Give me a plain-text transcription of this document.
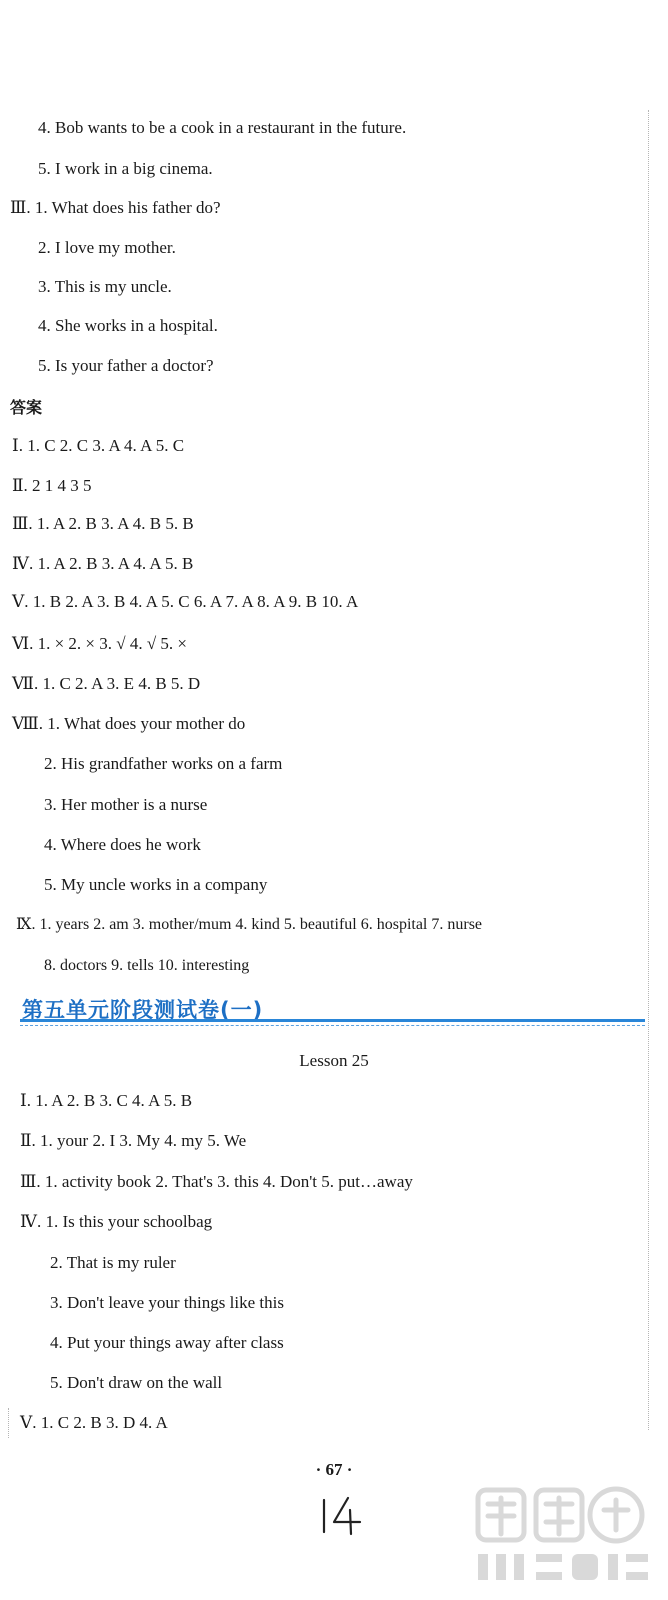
4. Bob wants to be a cook in a restaurant in the future.
5. I work in a big cinema.
Ⅲ. 1. What does his father do?
2. I love my mother.
3. This is my uncle.
4. She works in a hospital.
5. Is your father a doctor?
答案
Ⅰ. 1. C 2. C 3. A 4. A 5. C
Ⅱ. 2 1 4 3 5
Ⅲ. 1. A 2. B 3. A 4. B 5. B
Ⅳ. 1. A 2. B 3. A 4. A 5. B
Ⅴ. 1. B 2. A 3. B 4. A 5. C 6. A 7. A 8. A 9. B 10. A
Ⅵ. 1. × 2. × 3. √ 4. √ 5. ×
Ⅶ. 1. C 2. A 3. E 4. B 5. D
Ⅷ. 1. What does your mother do
2. His grandfather works on a farm
3. Her mother is a nurse
4. Where does he work
5. My uncle works in a company
Ⅸ. 1. years 2. am 3. mother/mum 4. kind 5. beautiful 6. hospital 7. nurse
8. doctors 9. tells 10. interesting
第五单元阶段测试卷(一)
Lesson 25
Ⅰ. 1. A 2. B 3. C 4. A 5. B
Ⅱ. 1. your 2. I 3. My 4. my 5. We
Ⅲ. 1. activity book 2. That's 3. this 4. Don't 5. put…away
Ⅳ. 1. Is this your schoolbag
2. That is my ruler
3. Don't leave your things like this
4. Put your things away after class
5. Don't draw on the wall
Ⅴ. 1. C 2. B 3. D 4. A
· 67 ·
